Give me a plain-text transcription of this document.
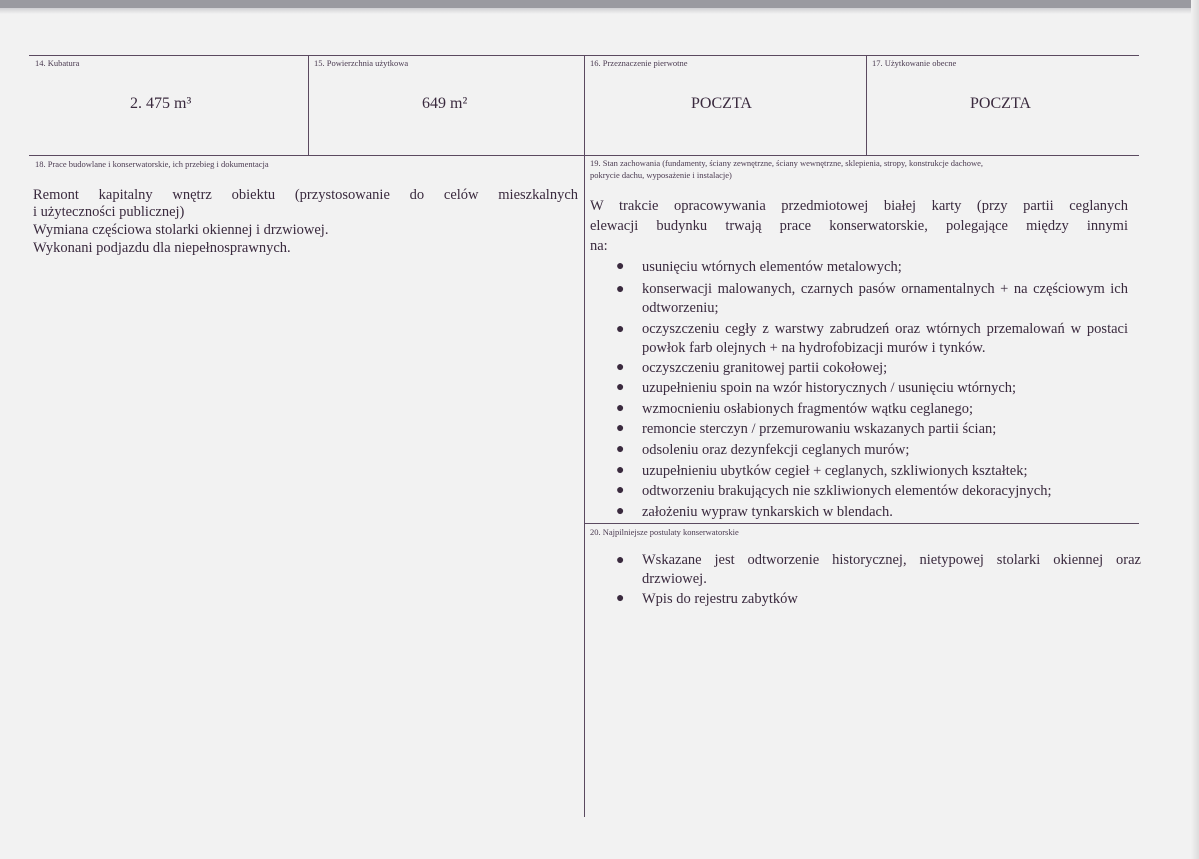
14. Kubatura
2. 475 m³
15. Powierzchnia użytkowa
649 m²
16. Przeznaczenie pierwotne
POCZTA
17. Użytkowanie obecne
POCZTA
18. Prace budowlane i konserwatorskie, ich przebieg i dokumentacja
Remont kapitalny wnętrz obiektu (przystosowanie do celów mieszkalnych
i użyteczności publicznej)
Wymiana częściowa stolarki okiennej i drzwiowej.
Wykonani podjazdu dla niepełnosprawnych.
19. Stan zachowania (fundamenty, ściany zewnętrzne, ściany wewnętrzne, sklepienia, stropy, konstrukcje dachowe,
pokrycie dachu, wyposażenie i instalacje)
W trakcie opracowywania przedmiotowej białej karty (przy partii ceglanych
elewacji budynku trwają prace konserwatorskie, polegające między innymi
na:
● usunięciu wtórnych elementów metalowych;
● konserwacji malowanych, czarnych pasów ornamentalnych + na częściowym ich odtworzeniu;
● oczyszczeniu cegły z warstwy zabrudzeń oraz wtórnych przemalowań w postaci powłok farb olejnych + na hydrofobizacji murów i tynków.
● oczyszczeniu granitowej partii cokołowej;
● uzupełnieniu spoin na wzór historycznych / usunięciu wtórnych;
● wzmocnieniu osłabionych fragmentów wątku ceglanego;
● remoncie sterczyn / przemurowaniu wskazanych partii ścian;
● odsoleniu oraz dezynfekcji ceglanych murów;
● uzupełnieniu ubytków cegieł + ceglanych, szkliwionych kształtek;
● odtworzeniu brakujących nie szkliwionych elementów dekoracyjnych;
● założeniu wypraw tynkarskich w blendach.
20. Najpilniejsze postulaty konserwatorskie
● Wskazane jest odtworzenie historycznej, nietypowej stolarki okiennej oraz drzwiowej.
● Wpis do rejestru zabytków
